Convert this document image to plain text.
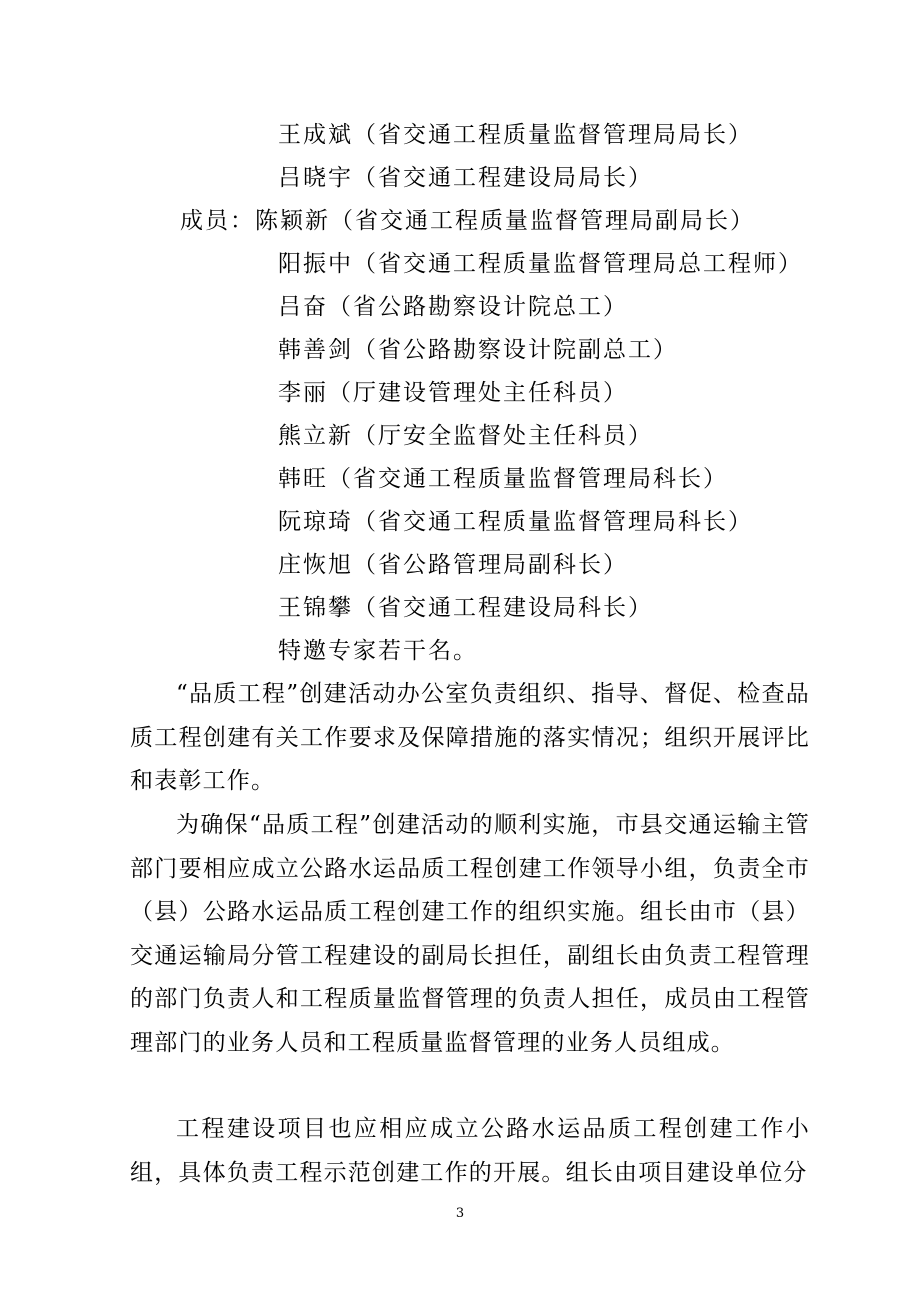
王成斌（省交通工程质量监督管理局局长）
吕晓宇（省交通工程建设局局长）
成员：陈颖新（省交通工程质量监督管理局副局长）
阳振中（省交通工程质量监督管理局总工程师）
吕奋（省公路勘察设计院总工）
韩善剑（省公路勘察设计院副总工）
李丽（厅建设管理处主任科员）
熊立新（厅安全监督处主任科员）
韩旺（省交通工程质量监督管理局科长）
阮琼琦（省交通工程质量监督管理局科长）
庄恢旭（省公路管理局副科长）
王锦攀（省交通工程建设局科长）
特邀专家若干名。

“品质工程”创建活动办公室负责组织、指导、督促、检查品质工程创建有关工作要求及保障措施的落实情况；组织开展评比和表彰工作。

为确保“品质工程”创建活动的顺利实施，市县交通运输主管部门要相应成立公路水运品质工程创建工作领导小组，负责全市（县）公路水运品质工程创建工作的组织实施。组长由市（县）交通运输局分管工程建设的副局长担任，副组长由负责工程管理的部门负责人和工程质量监督管理的负责人担任，成员由工程管理部门的业务人员和工程质量监督管理的业务人员组成。

工程建设项目也应相应成立公路水运品质工程创建工作小组，具体负责工程示范创建工作的开展。组长由项目建设单位分

3
